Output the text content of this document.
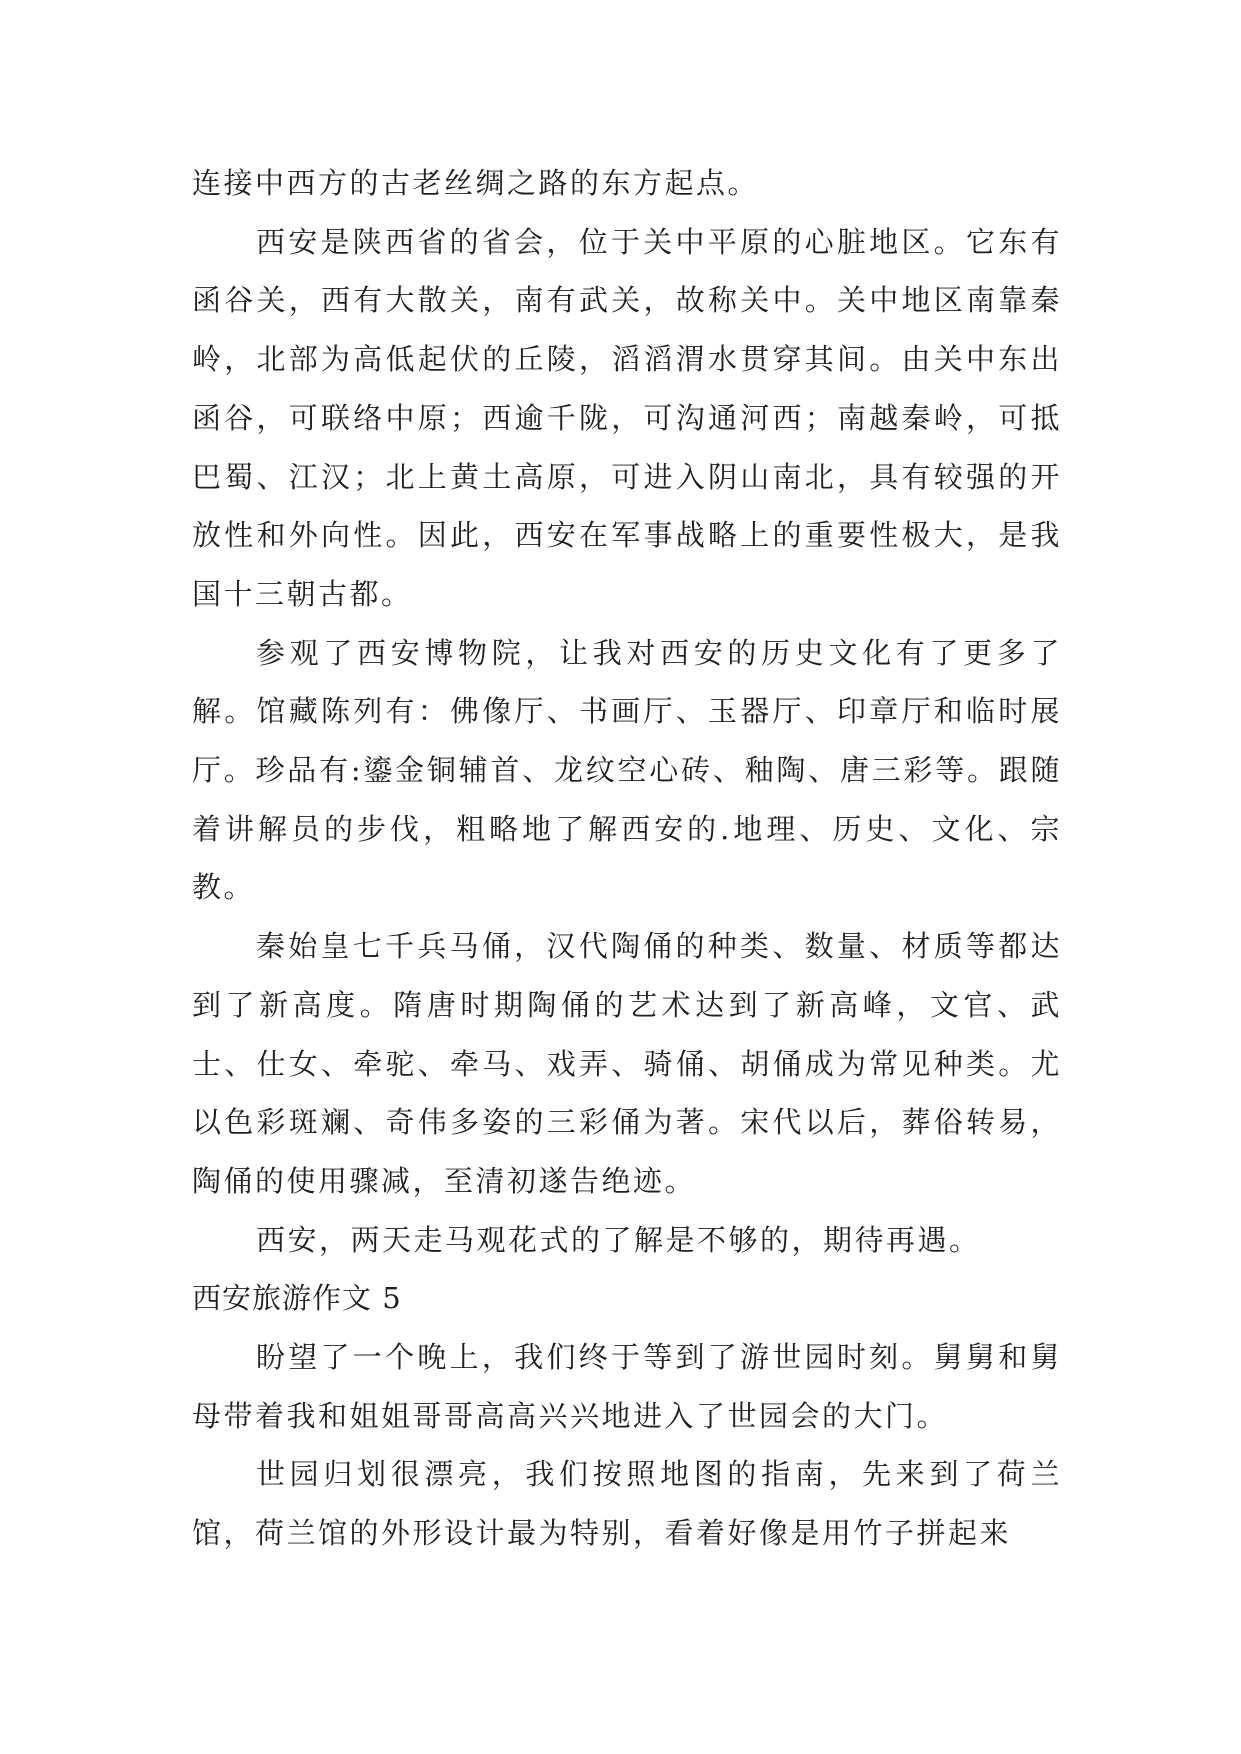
连接中西方的古老丝绸之路的东方起点。

西安是陕西省的省会，位于关中平原的心脏地区。它东有函谷关，西有大散关，南有武关，故称关中。关中地区南靠秦岭，北部为高低起伏的丘陵，滔滔渭水贯穿其间。由关中东出函谷，可联络中原；西逾千陇，可沟通河西；南越秦岭，可抵巴蜀、江汉；北上黄土高原，可进入阴山南北，具有较强的开放性和外向性。因此，西安在军事战略上的重要性极大，是我国十三朝古都。

参观了西安博物院，让我对西安的历史文化有了更多了解。馆藏陈列有：佛像厅、书画厅、玉器厅、印章厅和临时展厅。珍品有:鎏金铜辅首、龙纹空心砖、釉陶、唐三彩等。跟随着讲解员的步伐，粗略地了解西安的.地理、历史、文化、宗教。

秦始皇七千兵马俑，汉代陶俑的种类、数量、材质等都达到了新高度。隋唐时期陶俑的艺术达到了新高峰，文官、武士、仕女、牵驼、牵马、戏弄、骑俑、胡俑成为常见种类。尤以色彩斑斓、奇伟多姿的三彩俑为著。宋代以后，葬俗转易，陶俑的使用骤减，至清初遂告绝迹。

西安，两天走马观花式的了解是不够的，期待再遇。

西安旅游作文 5

盼望了一个晚上，我们终于等到了游世园时刻。舅舅和舅母带着我和姐姐哥哥高高兴兴地进入了世园会的大门。

世园归划很漂亮，我们按照地图的指南，先来到了荷兰馆，荷兰馆的外形设计最为特别，看着好像是用竹子拼起来
